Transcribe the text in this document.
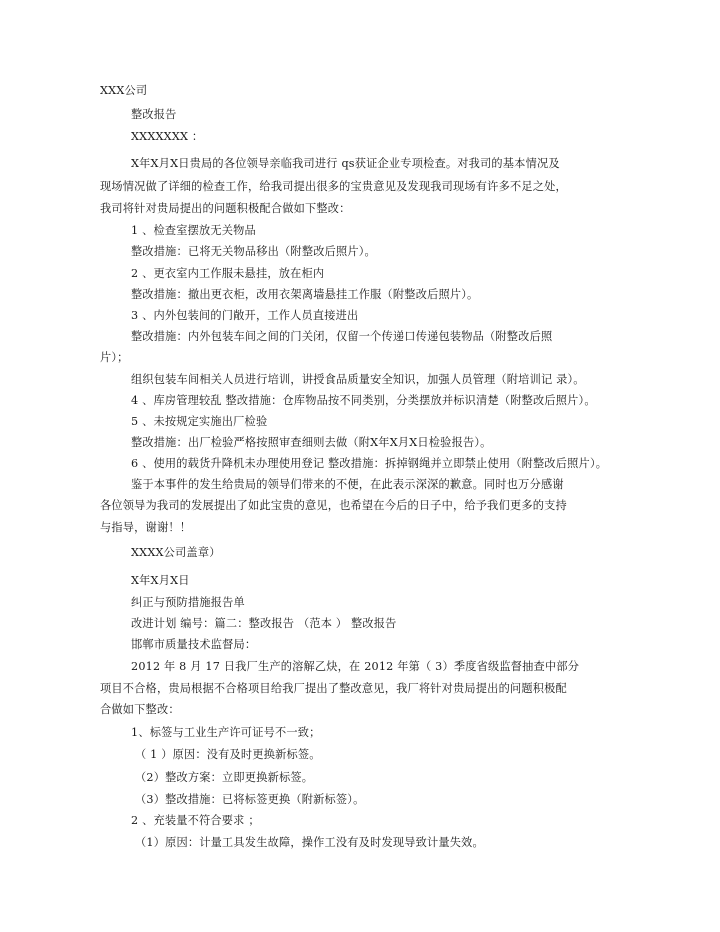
XXX公司
整改报告
XXXXXXX ：
X年X月X日贵局的各位领导亲临我司进行 qs获证企业专项检查。对我司的基本情况及
现场情况做了详细的检查工作，给我司提出很多的宝贵意见及发现我司现场有许多不足之处，
我司将针对贵局提出的问题积极配合做如下整改：
1 、检查室摆放无关物品
整改措施：已将无关物品移出（附整改后照片）。
2 、更衣室内工作服未悬挂，放在柜内
整改措施：撤出更衣柜，改用衣架离墙悬挂工作服（附整改后照片）。
3 、内外包装间的门敞开，工作人员直接进出
整改措施：内外包装车间之间的门关闭，仅留一个传递口传递包装物品（附整改后照
片）；
组织包装车间相关人员进行培训，讲授食品质量安全知识，加强人员管理（附培训记 录）。
4 、库房管理较乱 整改措施：仓库物品按不同类别，分类摆放并标识清楚（附整改后照片）。
5 、未按规定实施出厂检验
整改措施：出厂检验严格按照审查细则去做（附X年X月X日检验报告）。
6 、使用的载货升降机未办理使用登记 整改措施：拆掉钢绳并立即禁止使用（附整改后照片）。
鉴于本事件的发生给贵局的领导们带来的不便，在此表示深深的歉意。同时也万分感谢
各位领导为我司的发展提出了如此宝贵的意见，也希望在今后的日子中，给予我们更多的支持
与指导，谢谢！！
XXXX公司盖章）
X年X月X日
纠正与预防措施报告单
改进计划 编号：篇二：整改报告 （范本 ） 整改报告
邯郸市质量技术监督局：
2012 年 8 月 17 日我厂生产的溶解乙炔，在 2012 年第（ 3）季度省级监督抽查中部分
项目不合格，贵局根据不合格项目给我厂提出了整改意见，我厂将针对贵局提出的问题积极配
合做如下整改：
1、标签与工业生产许可证号不一致；
（ 1 ）原因：没有及时更换新标签。
（2）整改方案：立即更换新标签。
（3）整改措施：已将标签更换（附新标签）。
2 、充装量不符合要求 ；
（1）原因：计量工具发生故障，操作工没有及时发现导致计量失效。
